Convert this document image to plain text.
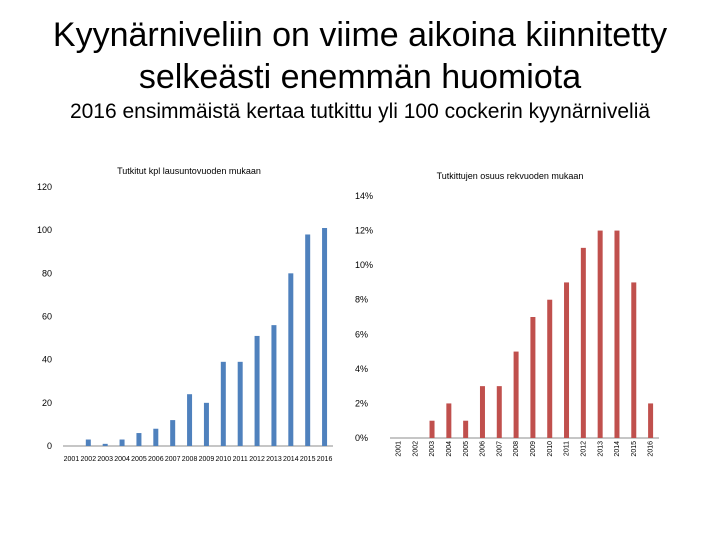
Kyynärniveliin on viime aikoina kiinnitetty
selkeästi enemmän huomiota
2016 ensimmäistä kertaa tutkittu yli 100 cockerin kyynärniveliä
Tutkitut kpl lausuntovuoden mukaan
0
20
40
60
80
100
120
2001 2002 2003 2004 2005 2006 2007 2008 2009 2010 2011 2012 2013 2014 2015 2016
Tutkittujen osuus rekvuoden mukaan
0%
2%
4%
6%
8%
10%
12%
14%
2001 2002 2003 2004 2005 2006 2007 2008 2009 2010 2011 2012 2013 2014 2015 2016
